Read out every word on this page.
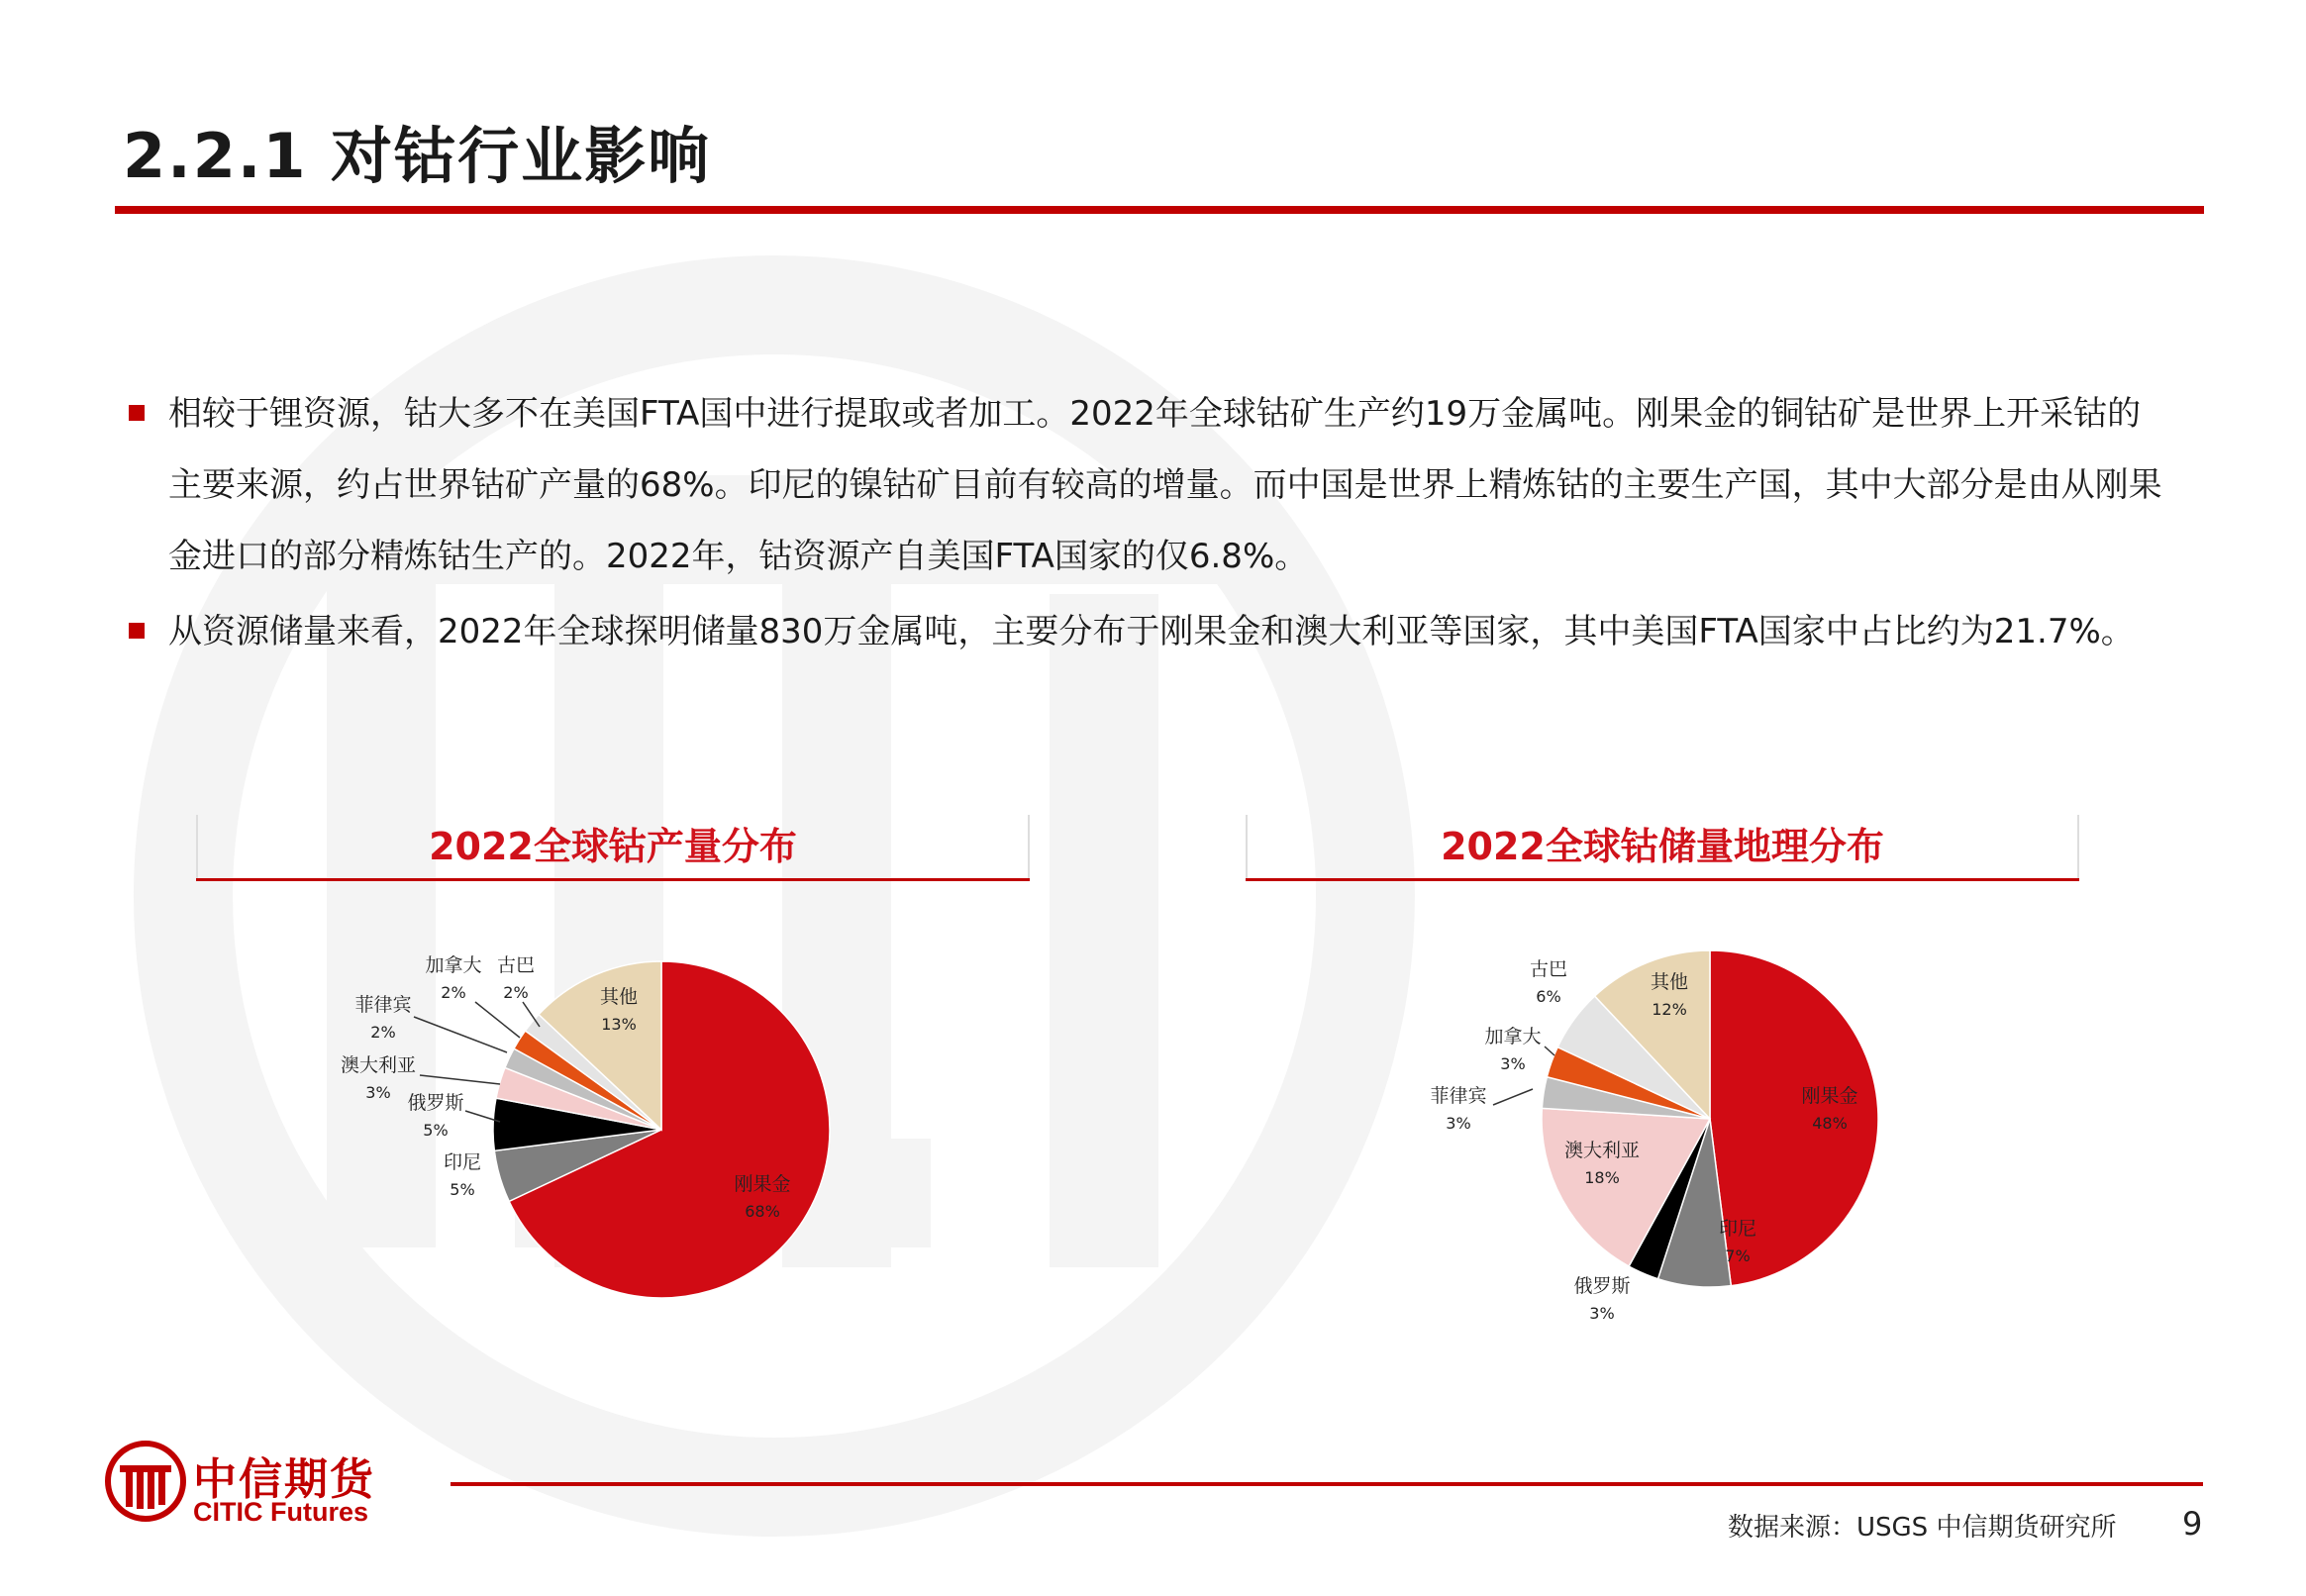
2.2.1 对钴行业影响
相较于锂资源，钴大多不在美国FTA国中进行提取或者加工。2022年全球钴矿生产约19万金属吨。刚果金的铜钴矿是世界上开采钴的主要来源，约占世界钴矿产量的68%。印尼的镍钴矿目前有较高的增量。而中国是世界上精炼钴的主要生产国，其中大部分是由从刚果金进口的部分精炼钴生产的。2022年，钴资源产自美国FTA国家的仅6.8%。
从资源储量来看，2022年全球探明储量830万金属吨，主要分布于刚果金和澳大利亚等国家，其中美国FTA国家中占比约为21.7%。
2022全球钴产量分布	2022全球钴储量地理分布
刚果金
68%
印尼
5%
俄罗斯
5%
澳大利亚
3%
菲律宾
2%
加拿大
2%
古巴
2%	其他
13%
刚果金
48%
印尼
7%
俄罗斯
3%
澳大利亚
18%
菲律宾
3%
加拿大
3%
古巴
6%
其他
12%
中信期货
CITIC Futures
数据来源：USGS 中信期货研究所 9
